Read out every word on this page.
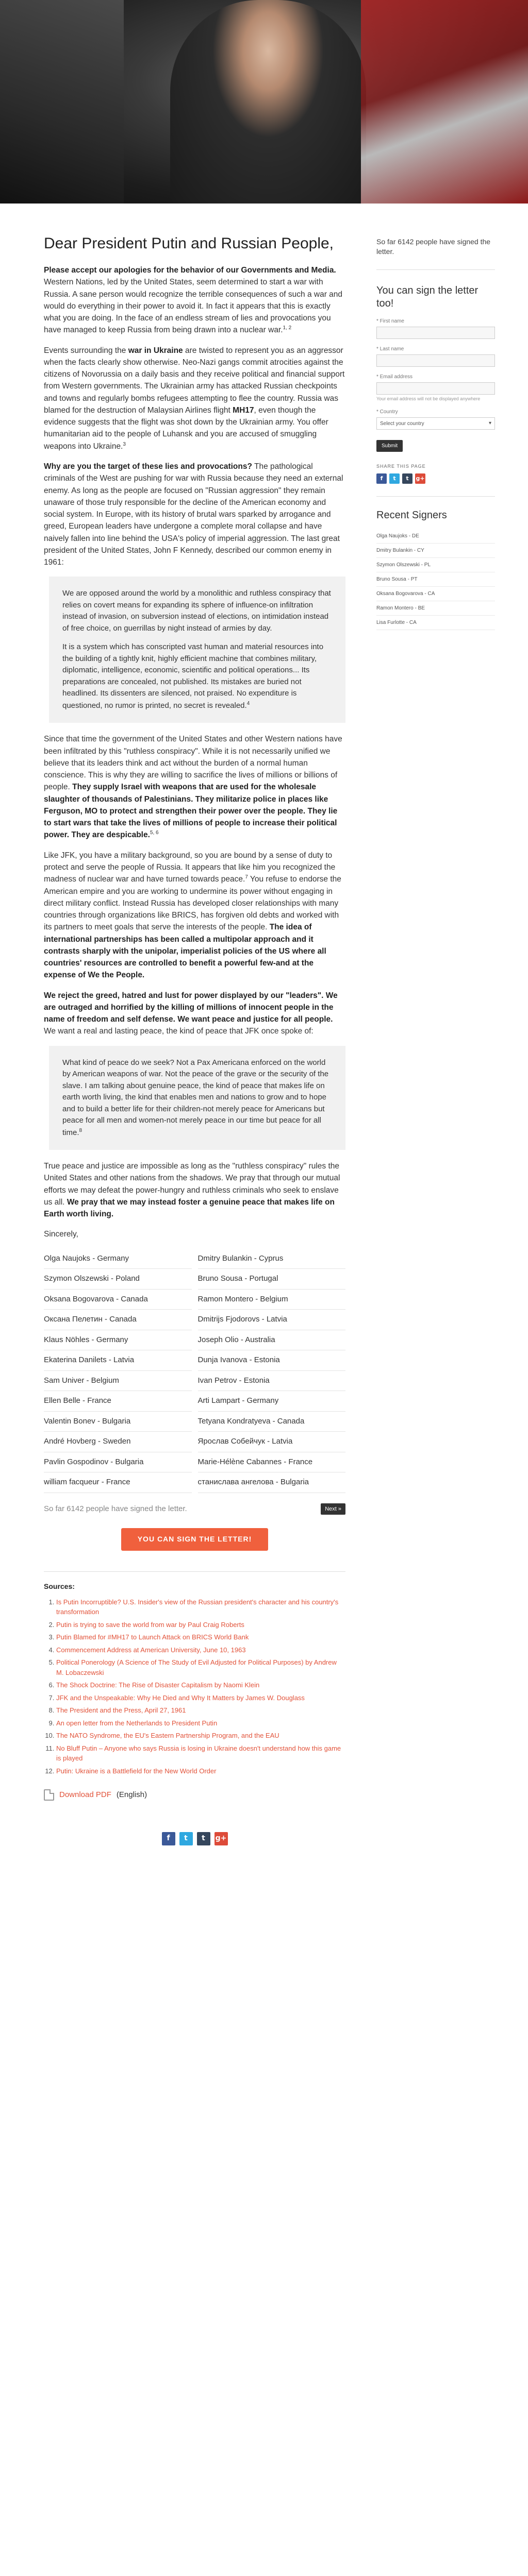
Dear President Putin and Russian People,

Please accept our apologies for the behavior of our Governments and Media. Western Nations, led by the United States, seem determined to start a war with Russia. A sane person would recognize the terrible consequences of such a war and would do everything in their power to avoid it. In fact it appears that this is exactly what you are doing. In the face of an endless stream of lies and provocations you have managed to keep Russia from being drawn into a nuclear war.$^{1, 2}$

Events surrounding the war in Ukraine are twisted to represent you as an aggressor when the facts clearly show otherwise. Neo-Nazi gangs commit atrocities against the citizens of Novorussia on a daily basis and they receive political and financial support from Western governments. The Ukrainian army has attacked Russian checkpoints and towns and regularly bombs refugees attempting to flee the country. Russia was blamed for the destruction of Malaysian Airlines flight MH17, even though the evidence suggests that the flight was shot down by the Ukrainian army. You offer humanitarian aid to the people of Luhansk and you are accused of smuggling weapons into Ukraine.$^3$

Why are you the target of these lies and provocations? The pathological criminals of the West are pushing for war with Russia because they need an external enemy. As long as the people are focused on "Russian aggression" they remain unaware of those truly responsible for the decline of the American economy and social system. In Europe, with its history of brutal wars sparked by arrogance and greed, European leaders have undergone a complete moral collapse and have naively fallen into line behind the USA's policy of imperial aggression. The last great president of the United States, John F Kennedy, described our common enemy in 1961:

We are opposed around the world by a monolithic and ruthless conspiracy that relies on covert means for expanding its sphere of influence-on infiltration instead of invasion, on subversion instead of elections, on intimidation instead of free choice, on guerrillas by night instead of armies by day.

It is a system which has conscripted vast human and material resources into the building of a tightly knit, highly efficient machine that combines military, diplomatic, intelligence, economic, scientific and political operations... Its preparations are concealed, not published. Its mistakes are buried not headlined. Its dissenters are silenced, not praised. No expenditure is questioned, no rumor is printed, no secret is revealed.$^4$

Since that time the government of the United States and other Western nations have been infiltrated by this "ruthless conspiracy". While it is not necessarily unified we believe that its leaders think and act without the burden of a normal human conscience. This is why they are willing to sacrifice the lives of millions or billions of people. They supply Israel with weapons that are used for the wholesale slaughter of thousands of Palestinians. They militarize police in places like Ferguson, MO to protect and strengthen their power over the people. They lie to start wars that take the lives of millions of people to increase their political power. They are despicable.$^{5, 6}$

Like JFK, you have a military background, so you are bound by a sense of duty to protect and serve the people of Russia. It appears that like him you recognized the madness of nuclear war and have turned towards peace.$^7$ You refuse to endorse the American empire and you are working to undermine its power without engaging in direct military conflict. Instead Russia has developed closer relationships with many countries through organizations like BRICS, has forgiven old debts and worked with its partners to meet goals that serve the interests of the people. The idea of international partnerships has been called a multipolar approach and it contrasts sharply with the unipolar, imperialist policies of the US where all countries' resources are controlled to benefit a powerful few-and at the expense of We the People.

We reject the greed, hatred and lust for power displayed by our "leaders". We are outraged and horrified by the killing of millions of innocent people in the name of freedom and self defense. We want peace and justice for all people. We want a real and lasting peace, the kind of peace that JFK once spoke of:

What kind of peace do we seek? Not a Pax Americana enforced on the world by American weapons of war. Not the peace of the grave or the security of the slave. I am talking about genuine peace, the kind of peace that makes life on earth worth living, the kind that enables men and nations to grow and to hope and to build a better life for their children-not merely peace for Americans but peace for all men and women-not merely peace in our time but peace for all time.$^8$

True peace and justice are impossible as long as the "ruthless conspiracy" rules the United States and other nations from the shadows. We pray that through our mutual efforts we may defeat the power-hungry and ruthless criminals who seek to enslave us all. We pray that we may instead foster a genuine peace that makes life on Earth worth living.

Sincerely,

Olga Naujoks - Germany	Dmitry Bulankin - Cyprus
Szymon Olszewski - Poland	Bruno Sousa - Portugal
Oksana Bogovarova - Canada	Ramon Montero - Belgium
Оксана Пелетин - Canada	Dmitrijs Fjodorovs - Latvia
Klaus Nöhles - Germany	Joseph Olio - Australia
Ekaterina Danilets - Latvia	Dunja Ivanova - Estonia
Sam Univer - Belgium	Ivan Petrov - Estonia
Ellen Belle - France	Arti Lampart - Germany
Valentin Bonev - Bulgaria	Tetyana Kondratyeva - Canada
André Hovberg - Sweden	Ярослав Собейчук - Latvia
Pavlin Gospodinov - Bulgaria	Marie-Hélène Cabannes - France
william facqueur - France	станислава ангелова - Bulgaria
So far 6142 people have signed the letter.	Next »
YOU CAN SIGN THE LETTER!
Sources:
1. Is Putin Incorruptible? U.S. Insider's view of the Russian president's character and his country's transformation
2. Putin is trying to save the world from war by Paul Craig Roberts
3. Putin Blamed for #MH17 to Launch Attack on BRICS World Bank
4. Commencement Address at American University, June 10, 1963
5. Political Ponerology (A Science of The Study of Evil Adjusted for Political Purposes) by Andrew M. Lobaczewski
6. The Shock Doctrine: The Rise of Disaster Capitalism by Naomi Klein
7. JFK and the Unspeakable: Why He Died and Why It Matters by James W. Douglass
8. The President and the Press, April 27, 1961
9. An open letter from the Netherlands to President Putin
10. The NATO Syndrome, the EU's Eastern Partnership Program, and the EAU
11. No Bluff Putin – Anyone who says Russia is losing in Ukraine doesn't understand how this game is played
12. Putin: Ukraine is a Battlefield for the New World Order
Download PDF (English)
f	t	t	g+
So far 6142 people have signed the letter.
You can sign the letter too!
* First name
* Last name
* Email address
Your email address will not be displayed anywhere
* Country
Select your country ▾
Submit
SHARE THIS PAGE
f	t	t	g+
Recent Signers
Olga Naujoks - DE
Dmitry Bulankin - CY
Szymon Olszewski - PL
Bruno Sousa - PT
Oksana Bogovarova - CA
Ramon Montero - BE
Lisa Furlotte - CA
